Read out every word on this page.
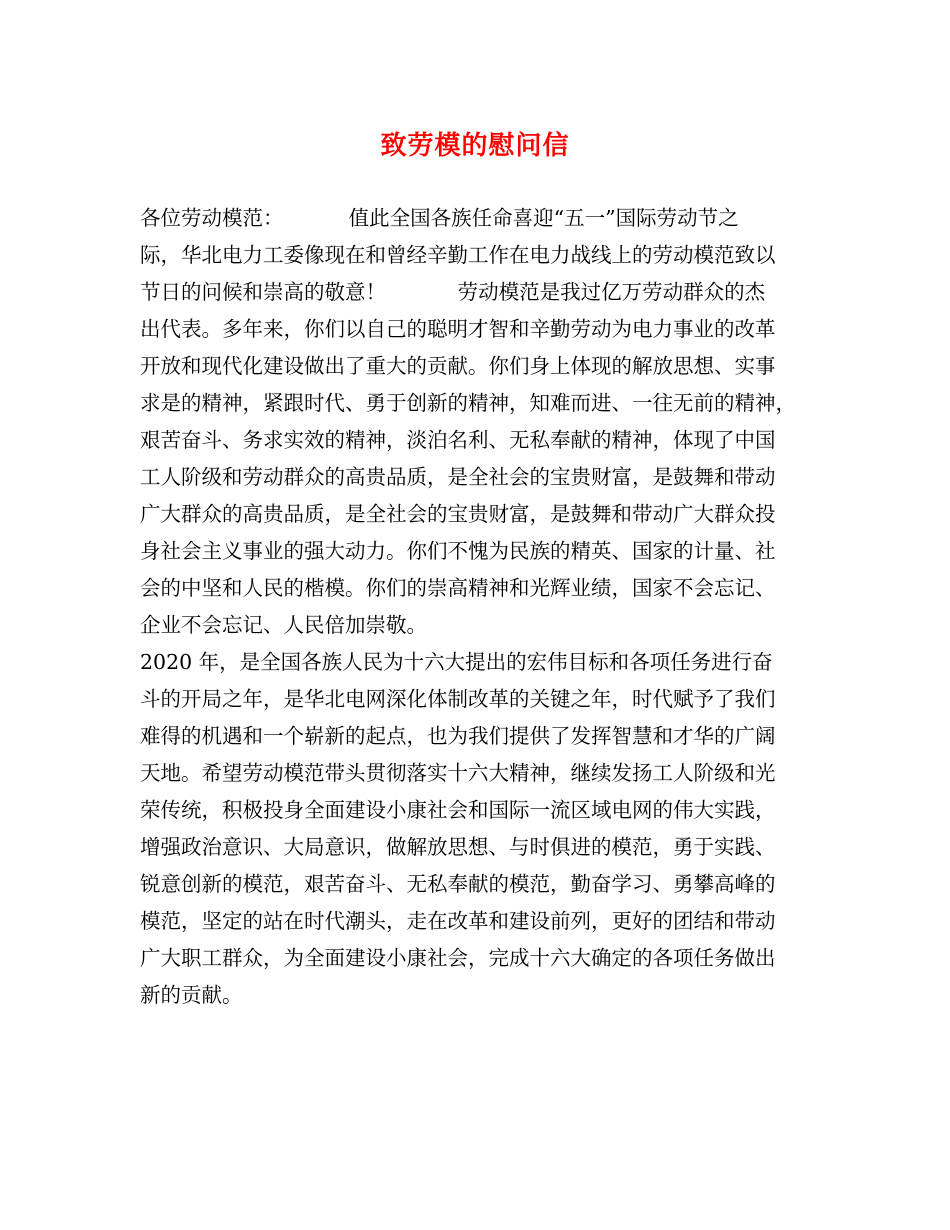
致劳模的慰问信
各位劳动模范：          值此全国各族任命喜迎“五一”国际劳动节之
际，华北电力工委像现在和曾经辛勤工作在电力战线上的劳动模范致以
节日的问候和崇高的敬意！           劳动模范是我过亿万劳动群众的杰
出代表。多年来，你们以自己的聪明才智和辛勤劳动为电力事业的改革
开放和现代化建设做出了重大的贡献。你们身上体现的解放思想、实事
求是的精神，紧跟时代、勇于创新的精神，知难而进、一往无前的精神，
艰苦奋斗、务求实效的精神，淡泊名利、无私奉献的精神，体现了中国
工人阶级和劳动群众的高贵品质，是全社会的宝贵财富，是鼓舞和带动
广大群众的高贵品质，是全社会的宝贵财富，是鼓舞和带动广大群众投
身社会主义事业的强大动力。你们不愧为民族的精英、国家的计量、社
会的中坚和人民的楷模。你们的崇高精神和光辉业绩，国家不会忘记、
企业不会忘记、人民倍加崇敬。
2020 年，是全国各族人民为十六大提出的宏伟目标和各项任务进行奋
斗的开局之年，是华北电网深化体制改革的关键之年，时代赋予了我们
难得的机遇和一个崭新的起点，也为我们提供了发挥智慧和才华的广阔
天地。希望劳动模范带头贯彻落实十六大精神，继续发扬工人阶级和光
荣传统，积极投身全面建设小康社会和国际一流区域电网的伟大实践，
增强政治意识、大局意识，做解放思想、与时俱进的模范，勇于实践、
锐意创新的模范，艰苦奋斗、无私奉献的模范，勤奋学习、勇攀高峰的
模范，坚定的站在时代潮头，走在改革和建设前列，更好的团结和带动
广大职工群众，为全面建设小康社会，完成十六大确定的各项任务做出
新的贡献。
